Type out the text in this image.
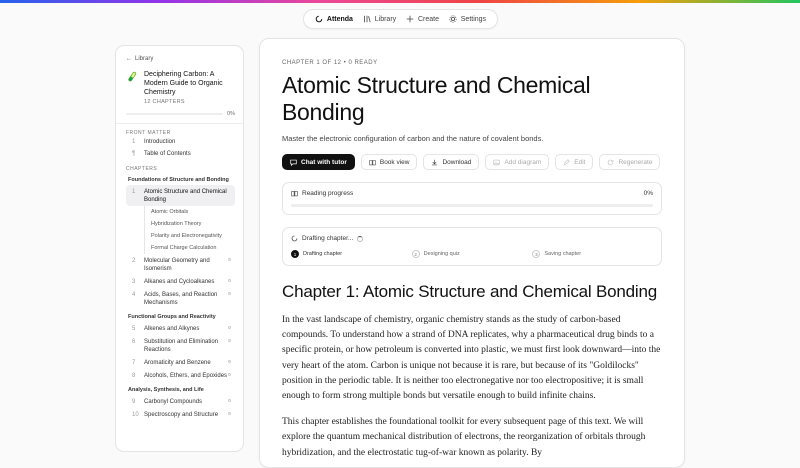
Attenda	Library	Create	Settings
← Library
Deciphering Carbon: A Modern Guide to Organic Chemistry
12 CHAPTERS
0%
FRONT MATTER
1 Introduction
¶ Table of Contents
CHAPTERS
Foundations of Structure and Bonding
1	Atomic Structure and Chemical Bonding
Atomic Orbitals
Hybridization Theory
Polarity and Electronegativity
Formal Charge Calculation
2	Molecular Geometry and Isomerism
3	Alkanes and Cycloalkanes
4	Acids, Bases, and Reaction Mechanisms
Functional Groups and Reactivity
5	Alkenes and Alkynes
6	Substitution and Elimination Reactions
7	Aromaticity and Benzene
8	Alcohols, Ethers, and Epoxides
Analysis, Synthesis, and Life
9	Carbonyl Compounds
10 Spectroscopy and Structure
CHAPTER 1 OF 12 • 0 READY
Atomic Structure and Chemical Bonding

Master the electronic configuration of carbon and the nature of covalent bonds.

Chat with tutor	Book view	Download	Add diagram	Edit	Regenerate
Reading progress	0%
Drafting chapter...
1	Drafting chapter	2	Designing quiz	3	Saving chapter
Chapter 1: Atomic Structure and Chemical Bonding

In the vast landscape of chemistry, organic chemistry stands as the study of carbon-based compounds. To understand how a strand of DNA replicates, why a pharmaceutical drug binds to a specific protein, or how petroleum is converted into plastic, we must first look downward—into the very heart of the atom. Carbon is unique not because it is rare, but because of its "Goldilocks" position in the periodic table. It is neither too electronegative nor too electropositive; it is small enough to form strong multiple bonds but versatile enough to build infinite chains.

This chapter establishes the foundational toolkit for every subsequent page of this text. We will explore the quantum mechanical distribution of electrons, the reorganization of orbitals through hybridization, and the electrostatic tug-of-war known as polarity. By
